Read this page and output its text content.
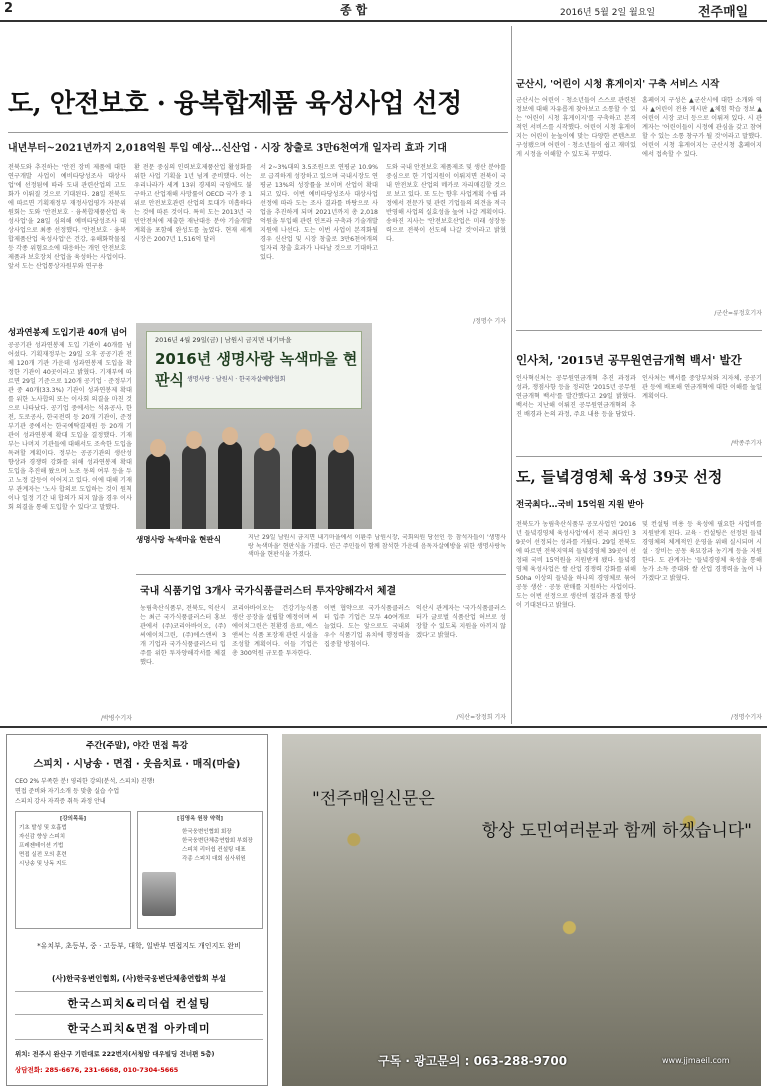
2	종합	2016년 5월 2일 월요일	전주매일
도, 안전보호 · 융복합제품 육성사업 선정
내년부터~2021년까지 2,018억원 투입 예상…신산업 · 시장 창출로 3만6천여개 일자리 효과 기대
전북도와 추진하는 '안전 장비 제품에 대한 연구개발 사업이 예비타당성조사 대상사업'에 선정됨에 따라 도내 관련산업의 고도화가 이뤄질 것으로 기대된다. 28일 전북도에 따르면 기획재정부 재정사업평가 자문위원회는 도와 '안전보호 · 융복합제품산업 육성사업'을 28일 심의해 예비타당성조사 대상사업으로 최종 선정했다. '안전보호 · 융복합제품산업 육성사업'은 건강, 유해화학물질 등 각종 위험요소에 대응하는 개인 안전보호제품과 보호장치 산업을 육성하는 사업이다. 앞서 도는 산업통상자원부와 연구용
환 전문 중심의 인력보호제품산업 활성화를 위한 사업 기획을 1년 넘게 준비했다. 이는 우리나라가 세계 13위 경제의 국임에도 불구하고 산업재해 사망률이 OECD 국가 중 1위로 안전보호관련 산업의 토대가 미흡하다는 것에 따른 것이다. 특히 도는 2013년 국민안전처에 제출한 재난대응 분야 기술개발 계획을 포함해 완성도를 높였다. 현재 세계 시장은 2007년 1,516억 달러
서 2~3%대의 3.5조원으로 연평균 10.9%로 급격하게 성장하고 있으며 국내시장도 연평균 13%의 성장률을 보이며 산업이 확대되고 있다. 이번 예비타당성조사 대상사업 선정에 따라 도는 조사 결과를 바탕으로 사업을 추진하게 되며 2021년까지 총 2,018억원을 투입해 관련 인프라 구축과 기술개발 지원에 나선다. 도는 이번 사업이 본격화될 경우 신산업 및 시장 창출로 3만6천여개의 일자리 창출 효과가 나타날 것으로 기대하고 있다.
도와 국내 안전보호 제품제조 및 생산 분야를 중심으로 한 기업지원이 이뤄지면 전북이 국내 안전보호 산업의 메카로 자리매김할 것으로 보고 있다. 또 도는 향후 사업계획 수립 과정에서 전문가 및 관련 기업들의 의견을 적극 반영해 사업의 실효성을 높여 나갈 계획이다. 송하진 지사는 '안전보호산업은 미래 성장동력으로 전북이 선도해 나갈 것'이라고 밝혔다.
/정명수 기자
성과연봉제 도입기관 40개 넘어
공공기관 성과연봉제 도입 기관이 40개를 넘어섰다. 기획재정부는 29일 오후 공공기관 전체 120개 기관 가운데 성과연봉제 도입을 확정한 기관이 40곳이라고 밝혔다. 기재부에 따르면 29일 기준으로 120개 공기업 · 준정부기관 중 40개(33.3%) 기관이 성과연봉제 확대를 위한 노사합의 또는 이사회 의결을 마친 것으로 나타났다. 공기업 중에서는 석유공사, 한전, 도로공사, 한국전력 등 20개 기관이, 준정부기관 중에서는 한국예탁결제원 등 20개 기관이 성과연봉제 확대 도입을 결정했다. 기재부는 나머지 기관들에 대해서도 조속한 도입을 독려할 계획이다. 정부는 공공기관의 생산성 향상과 경쟁력 강화를 위해 성과연봉제 확대 도입을 추진해 왔으며 노조 동의 여부 등을 두고 노정 갈등이 이어지고 있다. 이에 대해 기재부 관계자는 '노사 합의로 도입하는 것이 원칙이나 일정 기간 내 합의가 되지 않을 경우 이사회 의결을 통해 도입할 수 있다'고 말했다.
/박병수기자
2016년 4월 29일(금) | 남원시 금지면 내기마을
2016년 생명사랑 녹색마을 현판식 생명사랑 · 남원시 · 한국자살예방협회
생명사랑 녹색마을 현판식	지난 29일 남원시 금지면 내기마을에서 이환주 남원시장, 국회의원 당선인 등 참석자들이 '생명사랑 녹색마을' 현판식을 가졌다. 인근 주민들이 함께 참석한 가운데 음독자살예방을 위한 생명사랑녹색마을 현판식을 가졌다.
국내 식품기업 3개사 국가식품클러스터 투자양해각서 체결
농림축산식품부, 전북도, 익산시는 최근 국가식품클러스터 홍보관에서 (주)코리아바이오, (주)씨에이치그린, (주)에스앤씨 3개 기업과 국가식품클러스터 입주를 위한 투자양해각서를 체결했다.
코리아바이오는 건강기능식품 생산 공장을 설립할 예정이며 씨에이치그린은 친환경 음료, 에스앤씨는 식품 포장재 관련 시설을 조성할 계획이다. 이들 기업은 총 300억원 규모를 투자한다.
이번 협약으로 국가식품클러스터 입주 기업은 모두 40여개로 늘었다. 도는 앞으로도 국내외 우수 식품기업 유치에 행정력을 집중할 방침이다.
익산시 관계자는 '국가식품클러스터가 글로벌 식품산업 허브로 성장할 수 있도록 지원을 아끼지 않겠다'고 밝혔다.
/익산=장정희 기자
군산시, '어린이 시청 휴게이지' 구축 서비스 시작
군산시는 어린이 · 청소년들이 스스로 관련된 정보에 대해 자유롭게 찾아보고 소통할 수 있는 '어린이 시청 휴게이지'를 구축하고 본격적인 서비스를 시작했다. 어린이 시청 휴게이지는 어린이 눈높이에 맞는 다양한 콘텐츠로 구성됐으며 어린이 · 청소년들이 쉽고 재미있게 시정을 이해할 수 있도록 꾸몄다.
홈페이지 구성은 ▲군산시에 대한 소개와 역사 ▲어린이 전용 게시판 ▲체험 학습 정보 ▲어린이 시장 코너 등으로 이뤄져 있다. 시 관계자는 '어린이들이 시정에 관심을 갖고 참여할 수 있는 소통 창구가 될 것'이라고 말했다. 어린이 시청 휴게이지는 군산시청 홈페이지에서 접속할 수 있다.
/군산=류정호기자
인사처, '2015년 공무원연금개혁 백서' 발간
인사혁신처는 공무원연금개혁 추진 과정과 성과, 쟁점사항 등을 정리한 '2015년 공무원연금개혁 백서'를 발간했다고 29일 밝혔다. 백서는 지난해 이뤄진 공무원연금개혁의 추진 배경과 논의 과정, 주요 내용 등을 담았다.
인사처는 백서를 중앙부처와 지자체, 공공기관 등에 배포해 연금개혁에 대한 이해를 높일 계획이다.
/박종주기자
도, 들녘경영체 육성 39곳 선정
전국최다…국비 15억원 지원 받아
전북도가 농림축산식품부 공모사업인 '2016년 들녘경영체 육성사업'에서 전국 최다인 39곳이 선정되는 성과를 거뒀다. 29일 전북도에 따르면 전북지역의 들녘경영체 39곳이 선정돼 국비 15억원을 지원받게 됐다. 들녘경영체 육성사업은 쌀 산업 경쟁력 강화를 위해 50ha 이상의 들녘을 하나의 경영체로 묶어 공동 생산 · 공동 판매를 지원하는 사업이다. 도는 이번 선정으로 생산비 절감과 품질 향상이 기대된다고 밝혔다.
및 컨설팅 비용 등 육성에 필요한 사업비를 지원받게 된다. 교육 · 컨설팅은 선정된 들녘경영체의 체계적인 운영을 위해 실시되며 시설 · 장비는 공동 육묘장과 농기계 등을 지원한다. 도 관계자는 '들녘경영체 육성을 통해 농가 소득 증대와 쌀 산업 경쟁력을 높여 나가겠다'고 밝혔다.
/정명수기자
주간(주말), 야간 면접 특강
스피치 · 시낭송 · 면접 · 웃음치료 · 매직(마술)
CEO 2% 부족한 분! 영리한 강의(분석, 스피치) 진행!
면접 준비와 자기소개 등 맞춤 실습 수업
스피치 강사 자격증 취득 과정 안내
[강의목록]
기초 발성 및 호흡법
자신감 향상 스피치
프레젠테이션 기법
면접 실전 모의 훈련
시낭송 및 낭독 지도
[김영옥 원장 약력]
한국웅변인협회 회장
한국웅변단체총연합회 부회장
스피치 리더쉽 컨설팅 대표
각종 스피치 대회 심사위원
*유치부, 초등부, 중 · 고등부, 대학, 일반부 면접지도 개인지도 완비
(사)한국웅변인협회, (사)한국웅변단체총연합회 부설
한국스피치&리더쉽 컨설팅
한국스피치&면접 아카데미
위치: 전주시 완산구 기린대로 222번지(서청암 대우빌딩 건너편 5층)
상담전화: 285-6676, 231-6668, 010-7304-5665
"전주매일신문은
항상 도민여러분과 함께 하겠습니다"
구독 · 광고문의 : 063-288-9700	www.jjmaeil.com
